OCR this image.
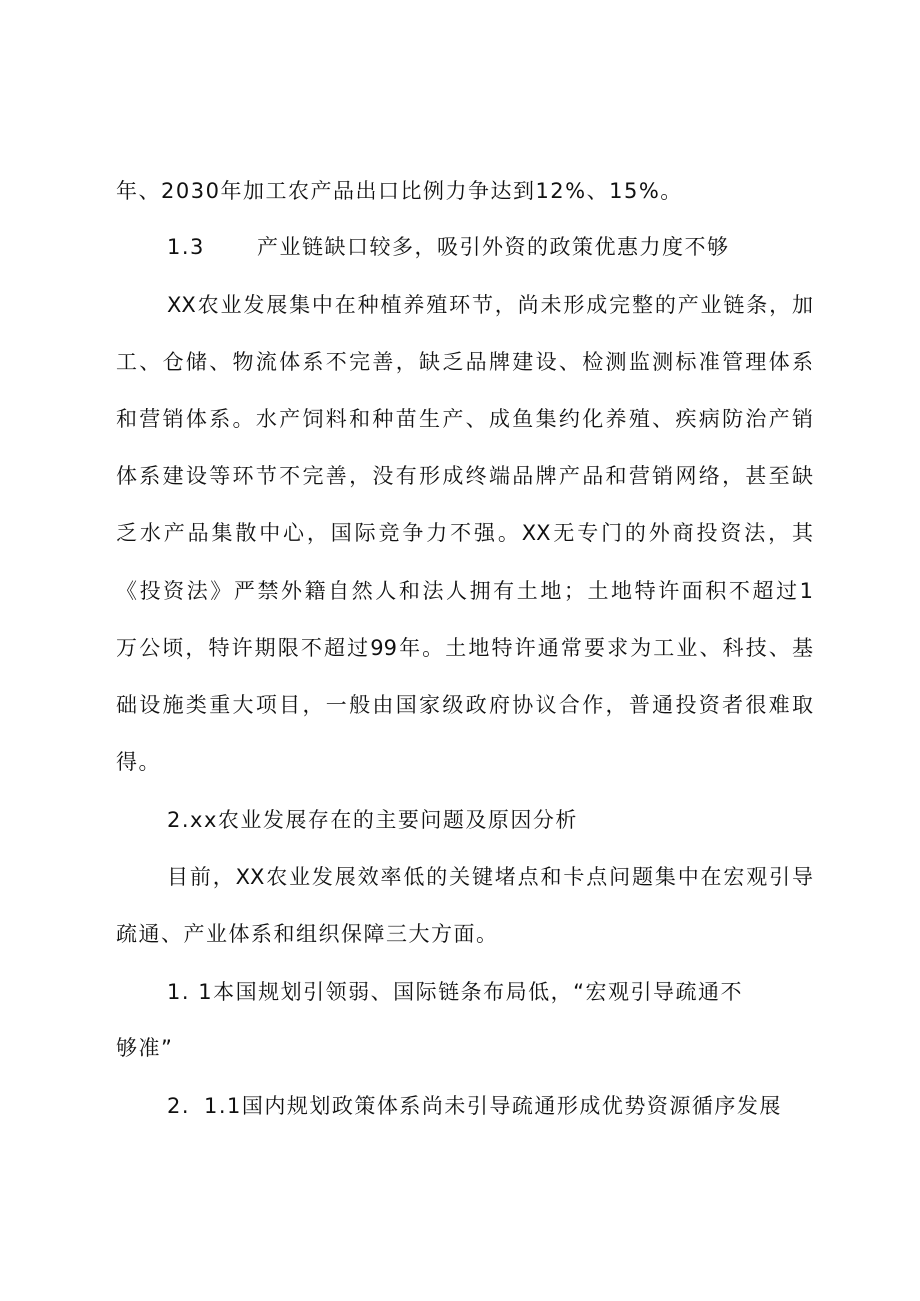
年、2030年加工农产品出口比例力争达到12%、15%。
1.3 产业链缺口较多，吸引外资的政策优惠力度不够
XX农业发展集中在种植养殖环节，尚未形成完整的产业链条，加
工、仓储、物流体系不完善，缺乏品牌建设、检测监测标准管理体系
和营销体系。水产饲料和种苗生产、成鱼集约化养殖、疾病防治产销
体系建设等环节不完善，没有形成终端品牌产品和营销网络，甚至缺
乏水产品集散中心，国际竞争力不强。XX无专门的外商投资法，其
《投资法》严禁外籍自然人和法人拥有土地；土地特许面积不超过1
万公顷，特许期限不超过99年。土地特许通常要求为工业、科技、基
础设施类重大项目，一般由国家级政府协议合作，普通投资者很难取
得。
2.xx农业发展存在的主要问题及原因分析
目前，XX农业发展效率低的关键堵点和卡点问题集中在宏观引导
疏通、产业体系和组织保障三大方面。
1. 1本国规划引领弱、国际链条布局低，“宏观引导疏通不
够准”
2. 1.1国内规划政策体系尚未引导疏通形成优势资源循序发展
